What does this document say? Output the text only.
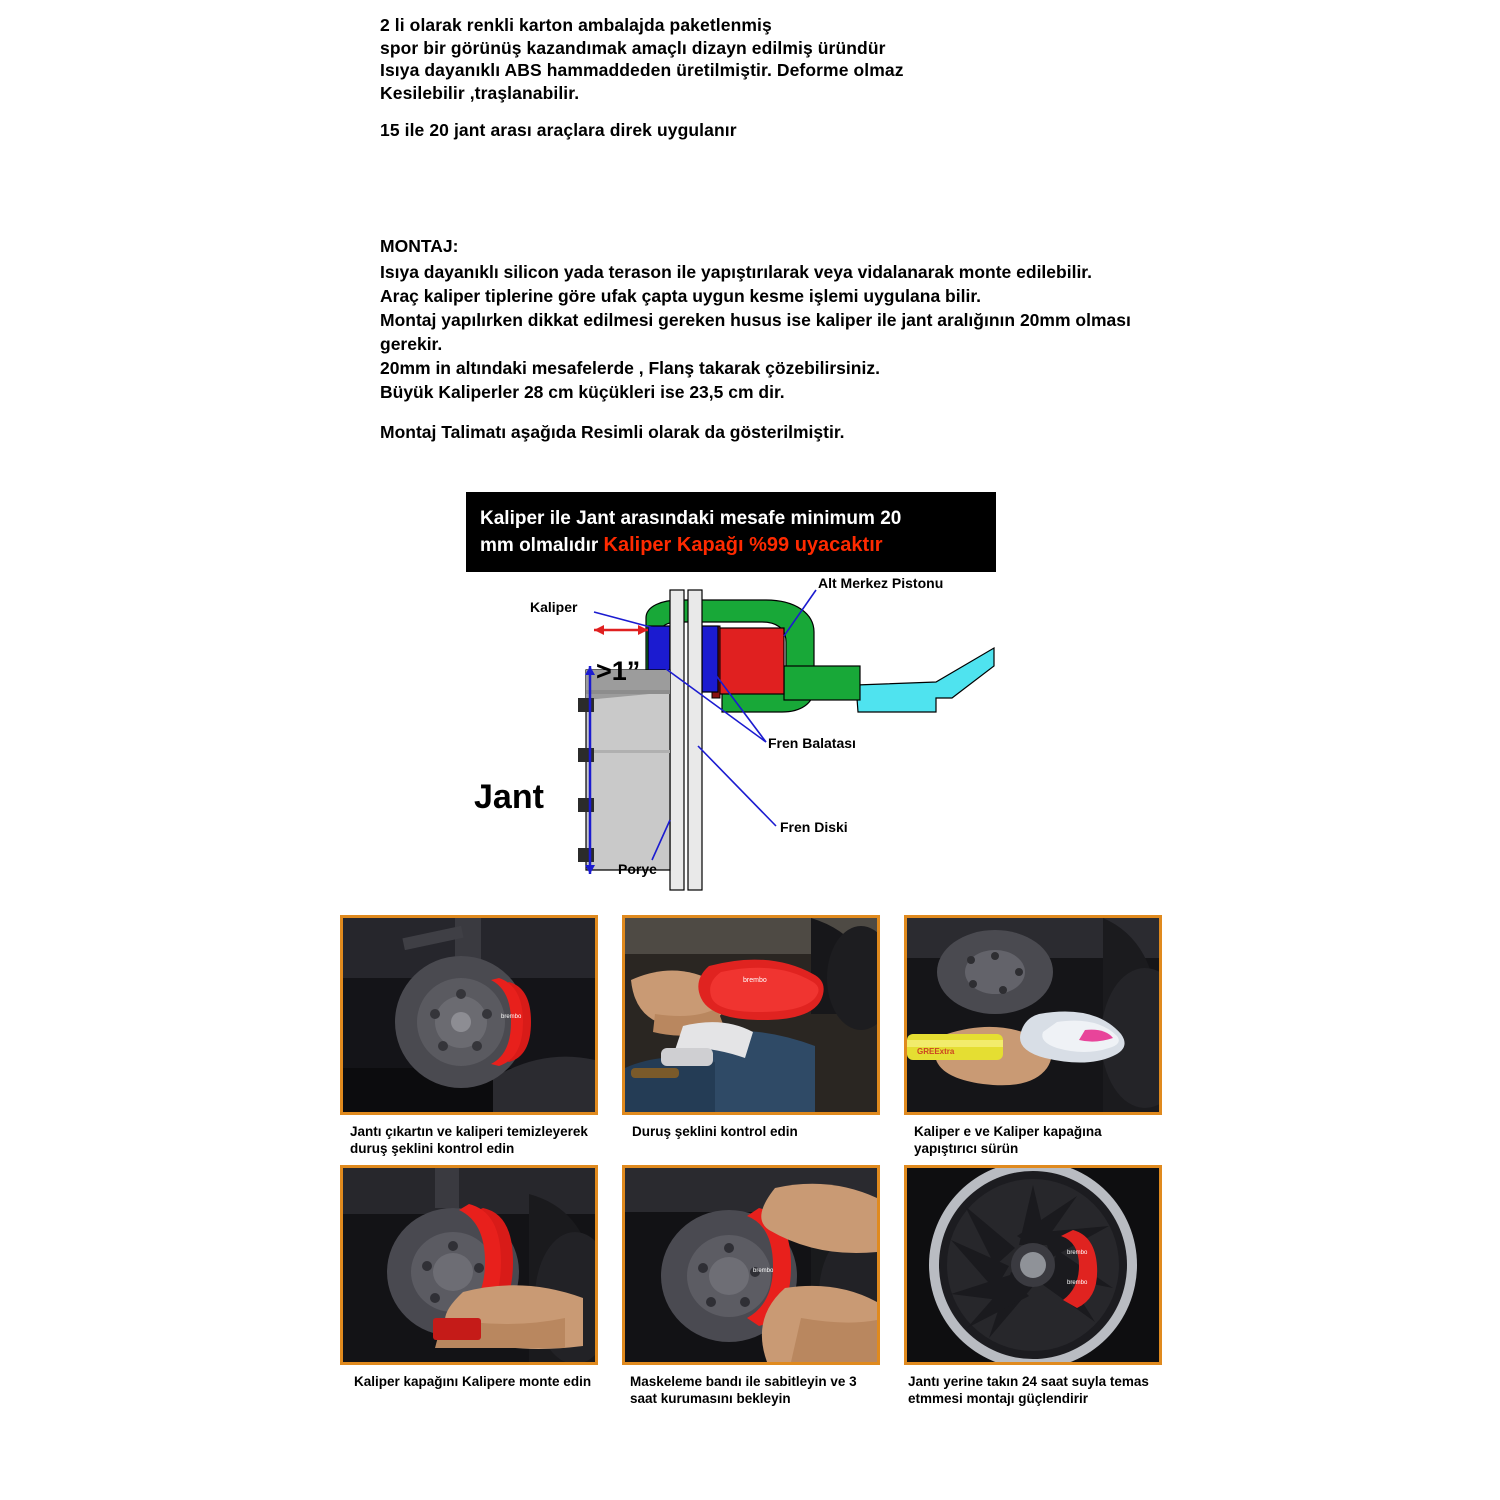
2 li olarak renkli karton ambalajda paketlenmiş
spor bir görünüş kazandımak amaçlı dizayn edilmiş üründür
Isıya dayanıklı ABS hammaddeden üretilmiştir. Deforme olmaz
Kesilebilir ,traşlanabilir.
15 ile 20 jant arası araçlara direk uygulanır
MONTAJ:
Isıya dayanıklı silicon yada terason ile yapıştırılarak veya vidalanarak monte edilebilir.
Araç kaliper tiplerine göre ufak çapta uygun kesme işlemi uygulana bilir.
Montaj yapılırken dikkat edilmesi gereken husus ise kaliper ile jant aralığının 20mm olması
gerekir.
20mm in altındaki mesafelerde , Flanş takarak çözebilirsiniz.
Büyük Kaliperler 28 cm küçükleri ise 23,5 cm dir.
Montaj Talimatı aşağıda Resimli olarak da gösterilmiştir.
Kaliper ile Jant arasındaki mesafe minimum 20
mm olmalıdır Kaliper Kapağı %99 uyacaktır
Jant
>1”
Kaliper
Alt Merkez Pistonu
Fren Balatası
Fren Diski
Porye
brembo
Jantı çıkartın ve kaliperi temizleyerek duruş şeklini kontrol edin
brembo
Duruş şeklini kontrol edin
GREExtra
Kaliper e ve Kaliper kapağına yapıştırıcı sürün
Kaliper kapağını Kalipere monte edin
brembo
Maskeleme bandı ile sabitleyin ve 3 saat kurumasını bekleyin
brembo
brembo
Jantı yerine takın 24 saat suyla temas etmmesi montajı güçlendirir
